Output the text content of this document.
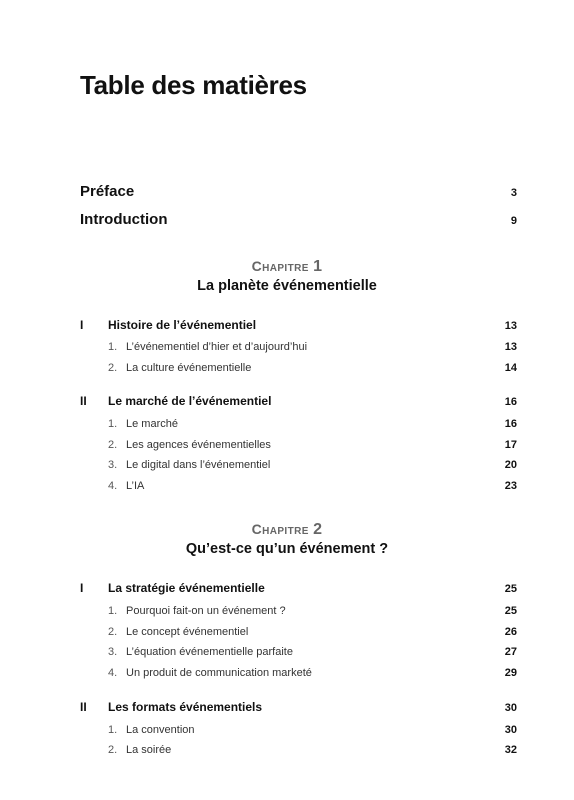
Table des matières
Préface	3
Introduction	9
Chapitre 1
La planète événementielle
I	Histoire de l’événementiel	13
1. L’événementiel d’hier et d’aujourd’hui	13
2. La culture événementielle	14
II	Le marché de l’événementiel	16
1. Le marché	16
2. Les agences événementielles	17
3. Le digital dans l’événementiel	20
4. L’IA	23
Chapitre 2
Qu’est-ce qu’un événement ?
I	La stratégie événementielle	25
1. Pourquoi fait-on un événement ?	25
2. Le concept événementiel	26
3. L’équation événementielle parfaite	27
4. Un produit de communication marketé	29
II	Les formats événementiels	30
1. La convention	30
2. La soirée	32
